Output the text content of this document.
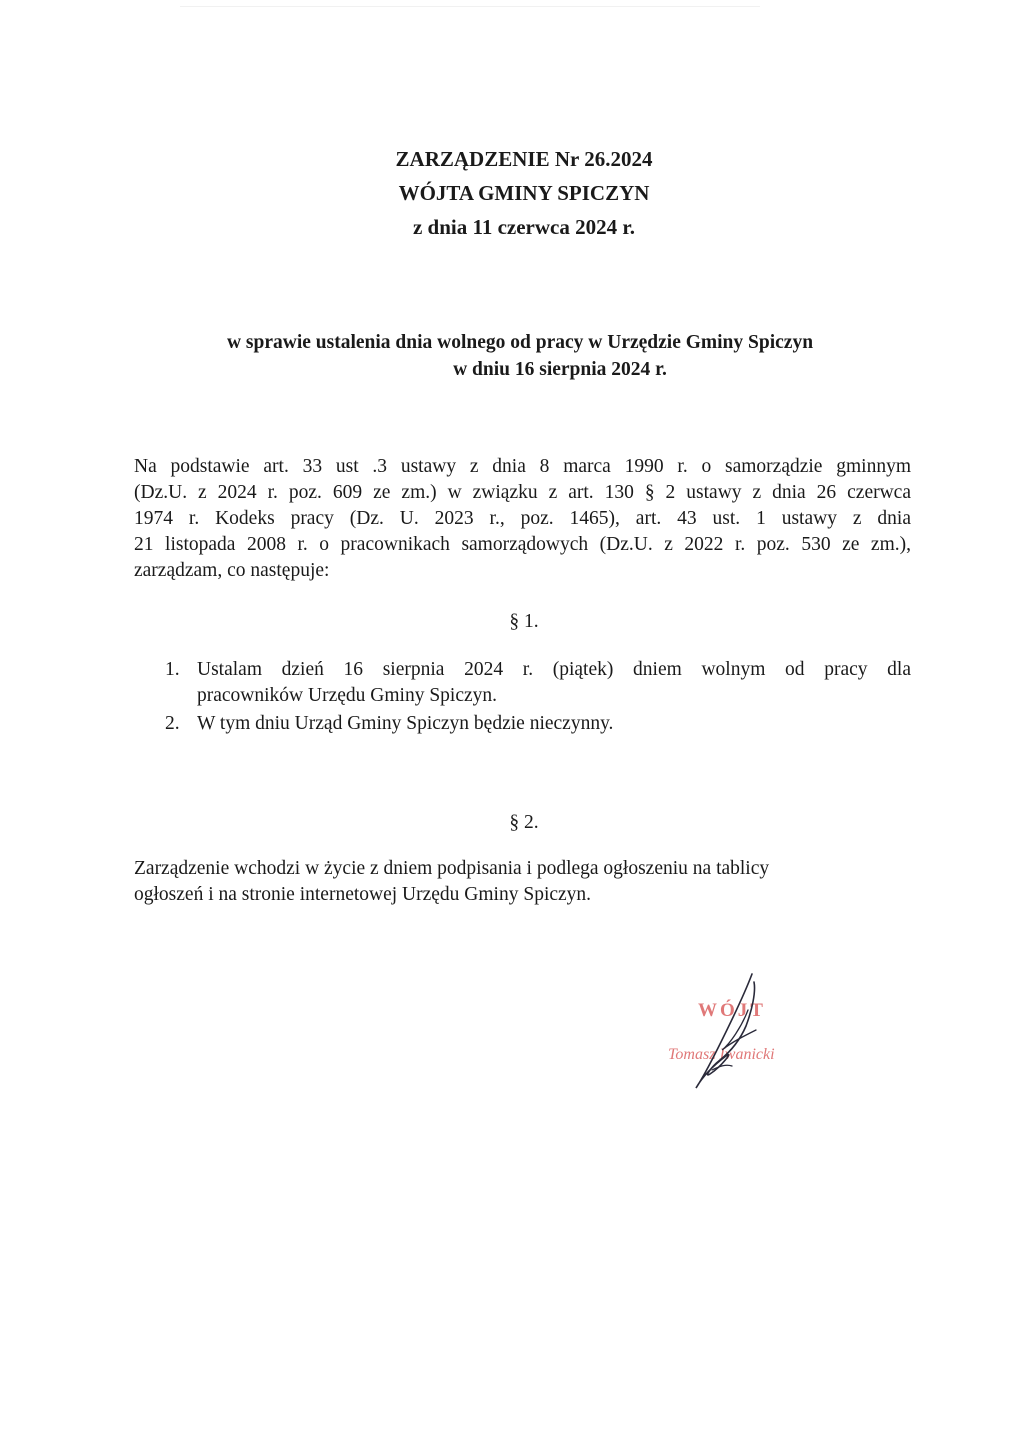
ZARZĄDZENIE Nr 26.2024
WÓJTA GMINY SPICZYN
z dnia 11 czerwca 2024 r.
w sprawie ustalenia dnia wolnego od pracy w Urzędzie Gminy Spiczyn
w dniu 16 sierpnia 2024 r.
Na podstawie art. 33 ust .3 ustawy z dnia 8 marca 1990 r. o samorządzie gminnym
(Dz.U. z 2024 r. poz. 609 ze zm.) w związku z art. 130 § 2 ustawy z dnia 26 czerwca
1974 r. Kodeks pracy (Dz. U. 2023 r., poz. 1465), art. 43 ust. 1 ustawy z dnia
21 listopada 2008 r. o pracownikach samorządowych (Dz.U. z 2022 r. poz. 530 ze zm.),
zarządzam, co następuje:
§ 1.
1. Ustalam dzień 16 sierpnia 2024 r. (piątek) dniem wolnym od pracy dla
pracowników Urzędu Gminy Spiczyn.
2. W tym dniu Urząd Gminy Spiczyn będzie nieczynny.
§ 2.
Zarządzenie wchodzi w życie z dniem podpisania i podlega ogłoszeniu na tablicy
ogłoszeń i na stronie internetowej Urzędu Gminy Spiczyn.
WÓJT
Tomasz Iwanicki
